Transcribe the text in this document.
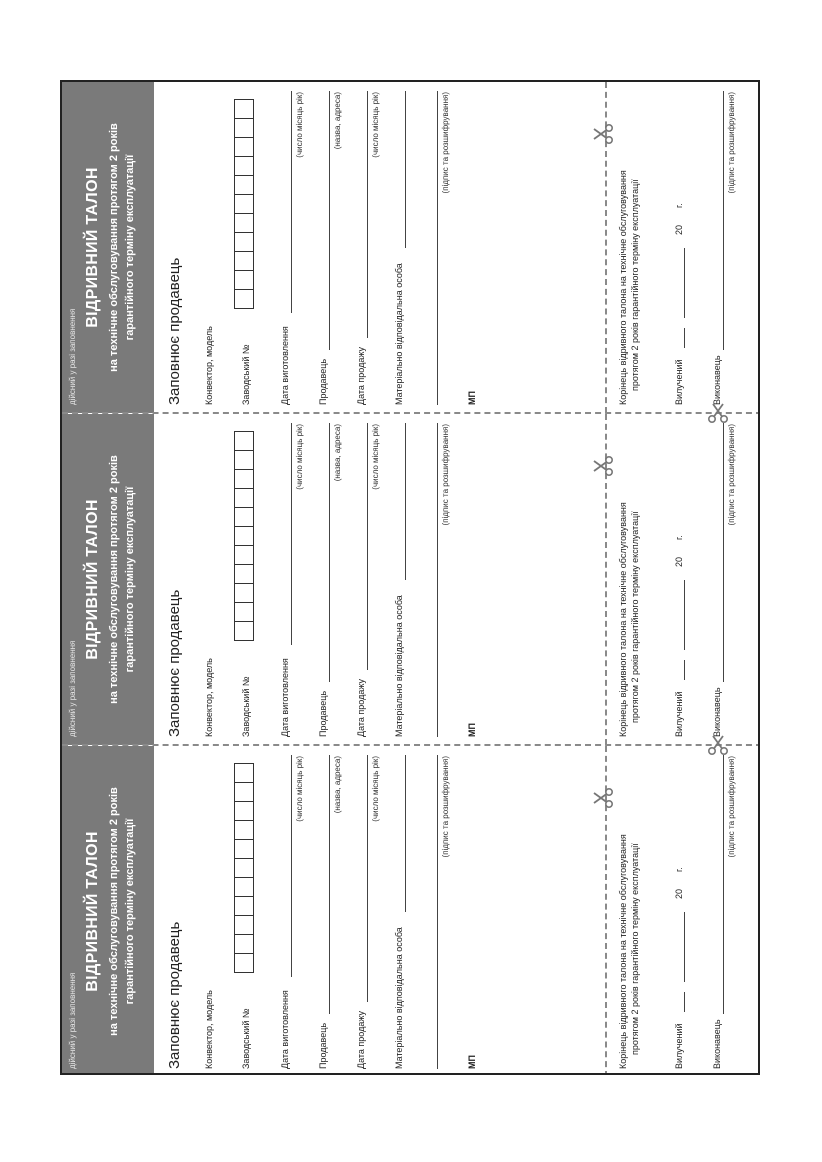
дійсний у разі заповнення
ВІДРИВНИЙ ТАЛОН на технічне обслуговування протягом 2 років гарантійного терміну експлуатації Заповнює продавець Конвектор, модель	Заводський №	Дата виготовлення
(число місяць рік)
Продавець
(назва, адреса)
Дата продажу
(число місяць рік)
Матеріально відповідальна особа
(підпис та розшифрування)
МП	Корінець відривного талона на технічне обслуговування протягом 2 років гарантійного терміну експлуатації	Вилучений
20
г.
Виконавець
(підпис та розшифрування)
дійсний у разі заповнення
ВІДРИВНИЙ ТАЛОН на технічне обслуговування протягом 2 років гарантійного терміну експлуатації Заповнює продавець Конвектор, модель	Заводський №	Дата виготовлення
(число місяць рік)
Продавець
(назва, адреса)
Дата продажу
(число місяць рік)
Матеріально відповідальна особа
(підпис та розшифрування)
МП	Корінець відривного талона на технічне обслуговування протягом 2 років гарантійного терміну експлуатації	Вилучений
20
г.
Виконавець
(підпис та розшифрування)
дійсний у разі заповнення
ВІДРИВНИЙ ТАЛОН на технічне обслуговування протягом 2 років гарантійного терміну експлуатації Заповнює продавець Конвектор, модель	Заводський №	Дата виготовлення
(число місяць рік)
Продавець
(назва, адреса)
Дата продажу
(число місяць рік)
Матеріально відповідальна особа
(підпис та розшифрування)
МП	Корінець відривного талона на технічне обслуговування протягом 2 років гарантійного терміну експлуатації	Вилучений
20
г.
Виконавець
(підпис та розшифрування)
